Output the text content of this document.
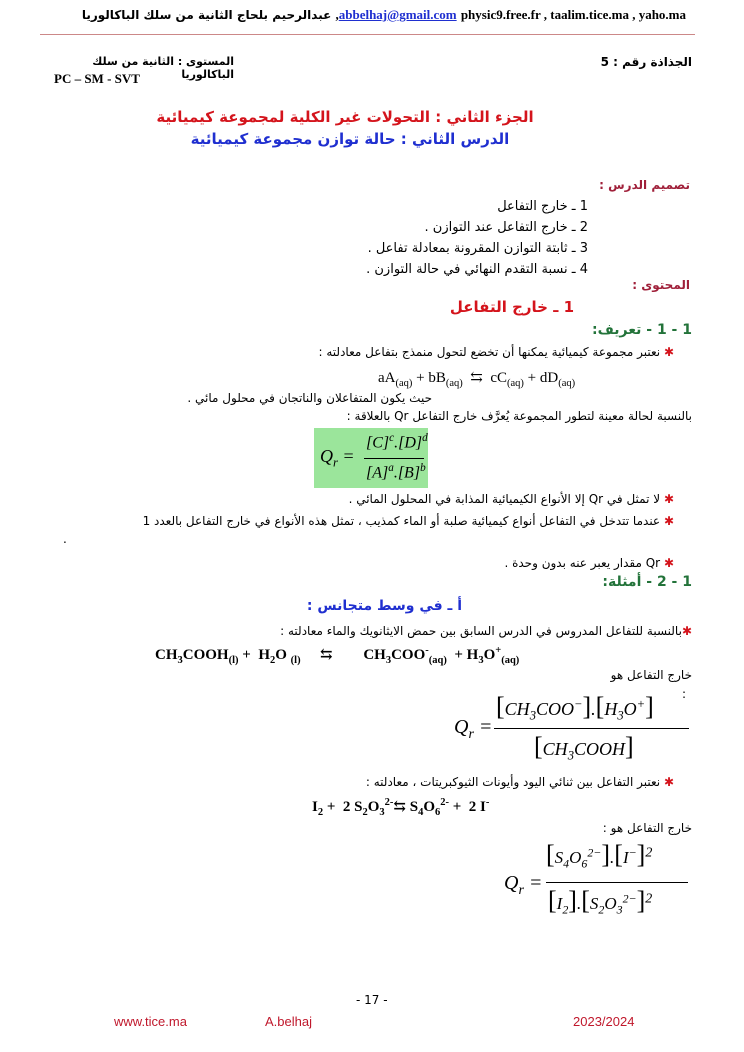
abbelhaj@gmail.com physic9.free.fr , taalim.tice.ma , yaho.ma, عبدالرحيم بلحاج الثانية من سلك الباكالوريا
الجذاذة رقم : 5
المستوى : الثانية من سلك الباكالوريا
PC – SM - SVT
الجزء الثاني : التحولات غير الكلية لمجموعة كيميائية
الدرس الثاني : حالة توازن مجموعة كيميائية
تصميم الدرس :
1 ـ خارج التفاعل
2 ـ خارج التفاعل عند التوازن .
3 ـ ثابتة التوازن المقرونة بمعادلة تفاعل .
4 ـ نسبة التقدم النهائي في حالة التوازن .
المحتوى :
1 ـ خارج التفاعل
1 - 1 - تعريف:
✱ نعتبر مجموعة كيميائية يمكنها أن تخضع لتحول منمذج بتفاعل معادلته :
$aA_{(aq)} + bB_{(aq)}$  ⇆  $cC_{(aq)} + dD_{(aq)}$
حيث يكون المتفاعلان والناتجان في محلول مائي .
بالنسبة لحالة معينة لتطور المجموعة يُعرَّف خارج التفاعل Qr بالعلاقة :
$Q_r$ =
$[C]^c.[D]^d$
$[A]^a.[B]^b$
✱ لا تمثل في Qr إلا الأنواع الكيميائية المذابة في المحلول المائي .
✱ عندما تتدخل في التفاعل أنواع كيميائية صلبة أو الماء كمذيب ، تمثل هذه الأنواع في خارج التفاعل بالعدد 1
.
✱ Qr مقدار يعبر عنه بدون وحدة .
1 - 2 - أمثلة:
أ ـ في وسط متجانس :
✱بالنسبة للتفاعل المدروس في الدرس السابق بين حمض الايثانويك والماء معادلته :
$CH_3COOH_{(l)} + H_2O$ $_{(l)}$ ⇆    $CH_3COO^-_{(aq)} + H_3O^+_{(aq)}$
خارج التفاعل هو
:
$Q_r$ =
$[CH_3COO^-].[H_3O^+]$
$[CH_3COOH]$
✱ نعتبر التفاعل بين ثنائي اليود وأيونات الثيوكبريتات ، معادلته :
$I_2 + 2$ $S_2O_3^{2-}⇆$ $S_4O_6^{2-} + 2$ I-
خارج التفاعل هو :
$Q_r$ =
$[S_4O_6^{2-}].[I^-]^2$
$[I_2].[S_2O_3^{2-}]^2$
- 17 -
www.tice.ma	A.belhaj	2023/2024
